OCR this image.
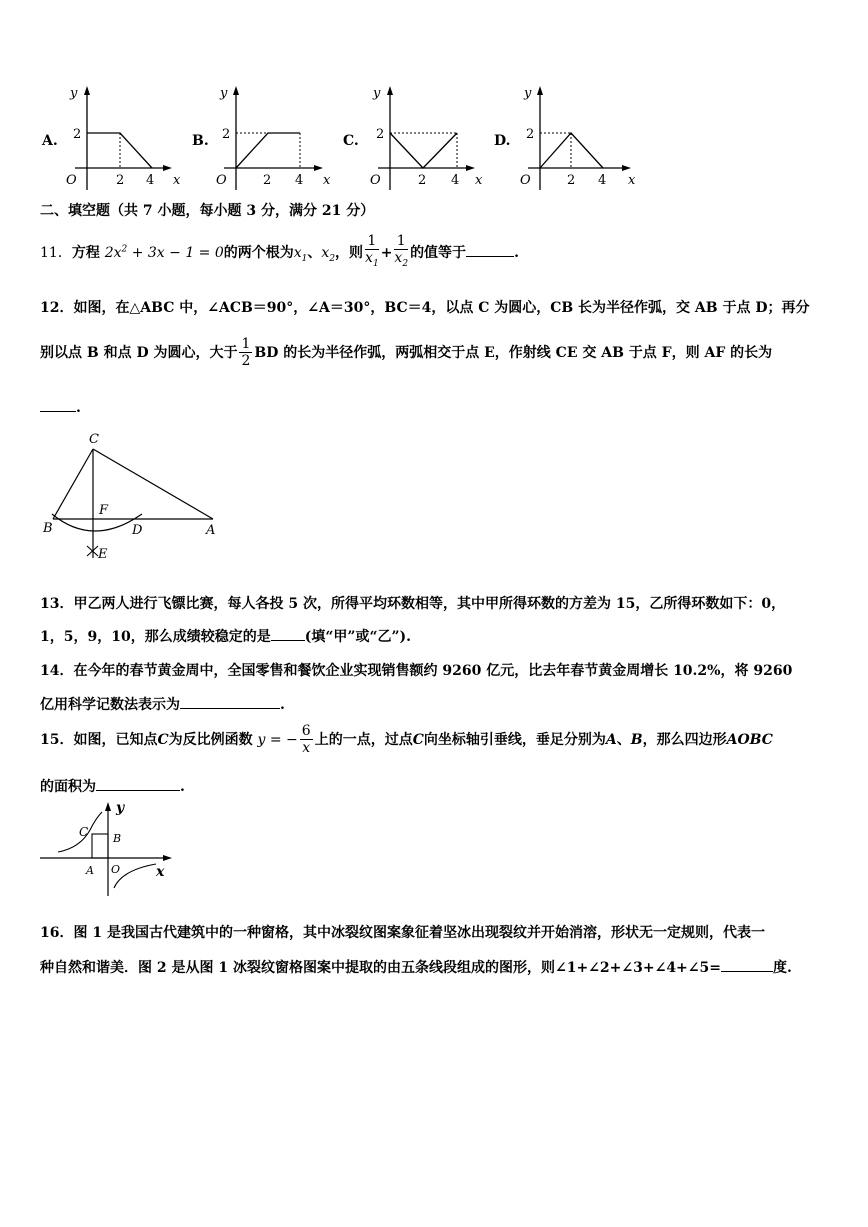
A.
y
x
O
2
2 4
B.
y
x
O
2
2 4
C.
y
x
O
2
2 4
D.
y
x
O
2
2 4
二、填空题（共 7 小题，每小题 3 分，满分 21 分）
11．方程 $2x^2 + 3x - 1 = 0$的两个根为$x_1$、$x_2$，则 $\frac{1}{x_1} + \frac{1}{x_2}$ 的值等于	.
12．如图，在△ABC 中，∠ACB＝90°，∠A＝30°，BC＝4，以点 C 为圆心，CB 长为半径作弧，交 AB 于点 D；再分
别以点 B 和点 D 为圆心，大于 $\frac{1}{2}$ BD 的长为半径作弧，两弧相交于点 E，作射线 CE 交 AB 于点 F，则 AF 的长为
.
C
B
F
D	A
E
13．甲乙两人进行飞镖比赛，每人各投 5 次，所得平均环数相等，其中甲所得环数的方差为 15，乙所得环数如下：0，
1，5，9，10，那么成绩较稳定的是 (填“甲”或“乙”).
14．在今年的春节黄金周中，全国零售和餐饮企业实现销售额约 9260 亿元，比去年春节黄金周增长 10.2%，将 9260
亿用科学记数法表示为	.
15．如图，已知点C为反比例函数 y = − $\frac{6}{x}$ 上的一点，过点C向坐标轴引垂线，垂足分别为A、B，那么四边形AOBC
的面积为	.
y
x
C B
A O
16．图 1 是我国古代建筑中的一种窗格，其中冰裂纹图案象征着坚冰出现裂纹并开始消溶，形状无一定规则，代表一
种自然和谐美．图 2 是从图 1 冰裂纹窗格图案中提取的由五条线段组成的图形，则∠1+∠2+∠3+∠4+∠5=	度.
